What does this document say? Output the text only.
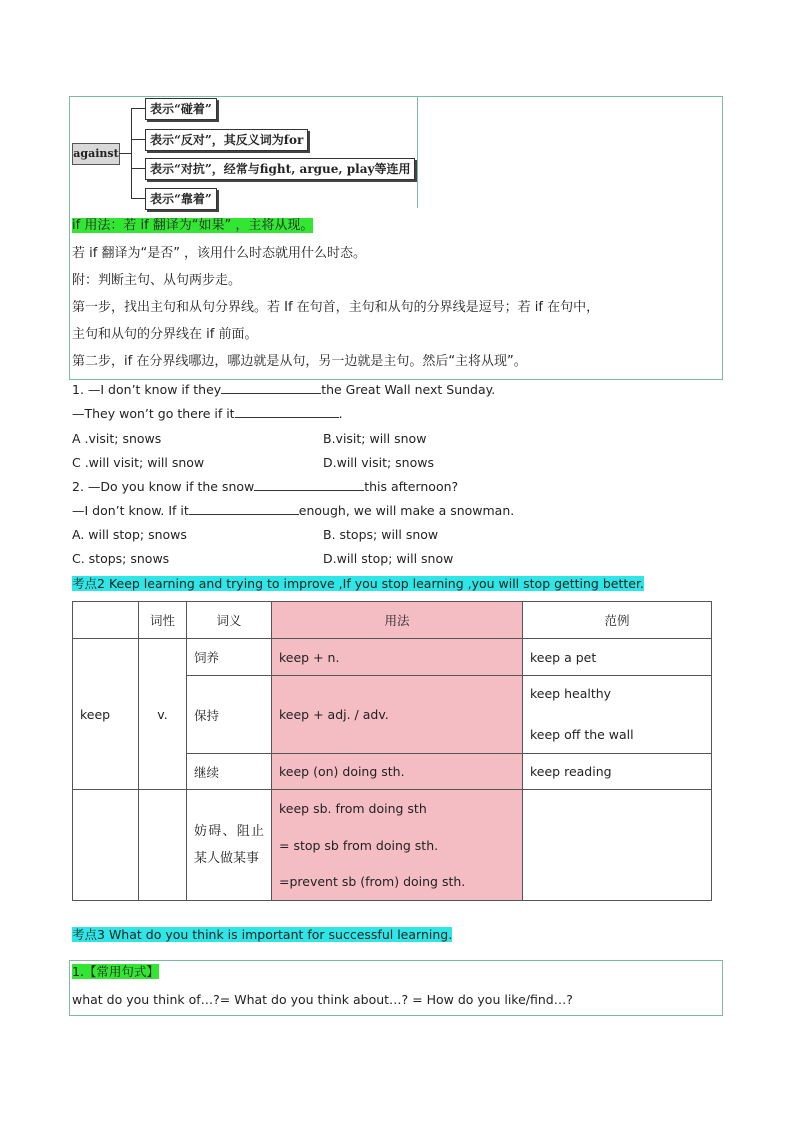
against
表示“碰着”
表示“反对”，其反义词为for
表示“对抗”，经常与fight, argue, play等连用
表示“靠着”
if 用法：若 if 翻译为“如果” ，主将从现。
若 if 翻译为“是否” ，该用什么时态就用什么时态。
附：判断主句、从句两步走。
第一步，找出主句和从句分界线。若 If 在句首，主句和从句的分界线是逗号；若 if 在句中，
主句和从句的分界线在 if 前面。
第二步，if 在分界线哪边，哪边就是从句，另一边就是主句。然后“主将从现”。
1. —I don’t know if they	the Great Wall next Sunday.
—They won’t go there if it	.
A .visit; snows	B.visit; will snow
C .will visit; will snow	D.will visit; snows
2. —Do you know if the snow	this afternoon?
—I don’t know. If it	enough, we will make a snowman.
A. will stop; snows	B. stops; will snow
C. stops; snows	D.will stop; will snow
考点2 Keep learning and trying to improve ,If you stop learning ,you will stop getting better.
	词性	词义	用法	范例
keep	v.	饲养	keep + n.	keep a pet
		保持	keep + adj. / adv.	keep healthy
keep off the wall

		继续	keep (on) doing sth.	keep reading
		妨碍、阻止某人做某事	keep sb. from doing sth
= stop sb from doing sth.
=prevent sb (from) doing sth.	

考点3 What do you think is important for successful learning.
1.【常用句式】
what do you think of…?= What do you think about…? = How do you like/find…?
